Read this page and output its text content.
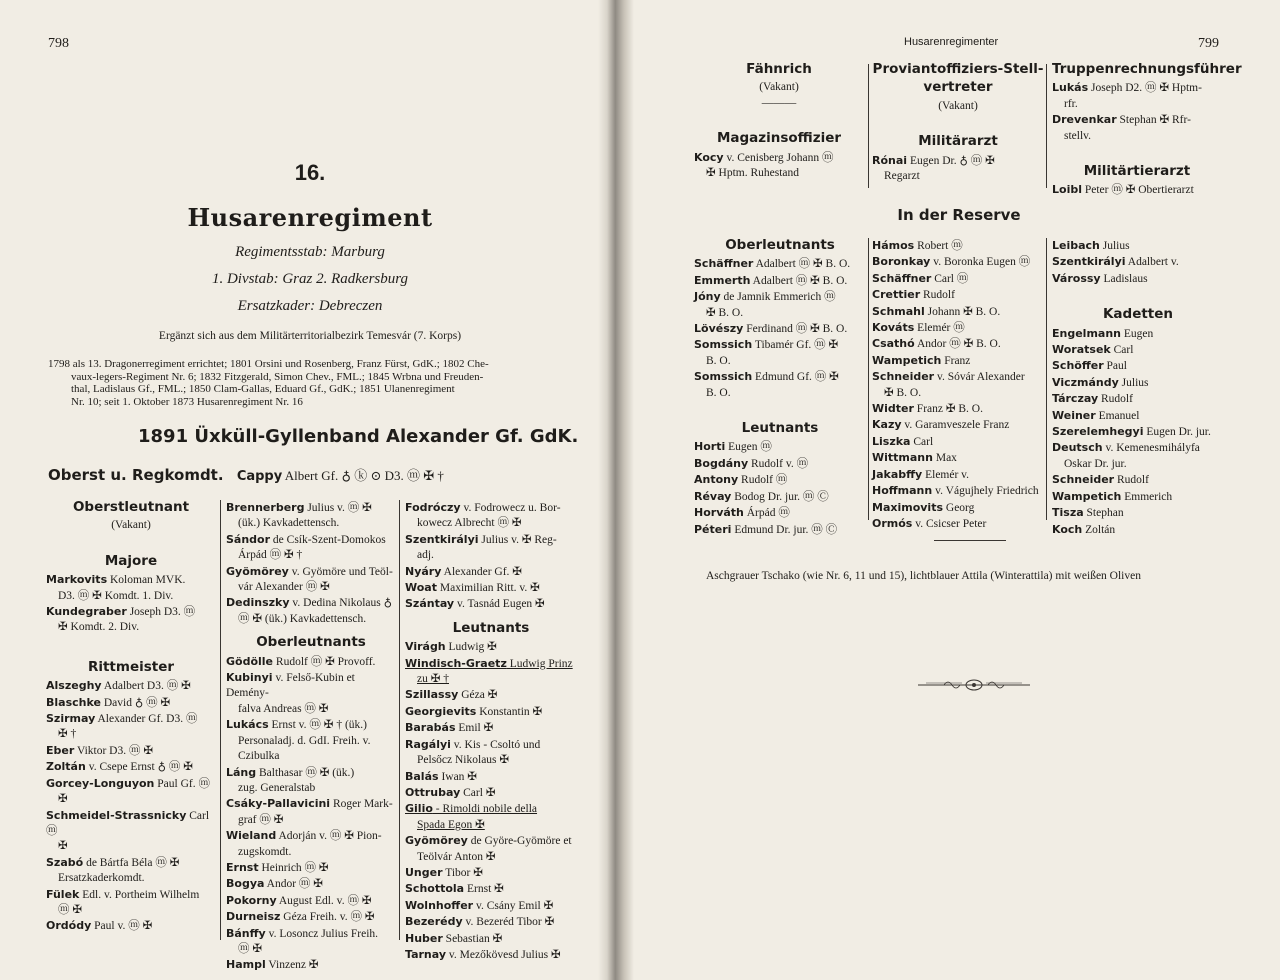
798
16.
Husarenregiment
Regimentsstab: Marburg
1. Divstab: Graz 2. Radkersburg
Ersatzkader: Debreczen
Ergänzt sich aus dem Militärterritorialbezirk Temesvár (7. Korps)
1798 als 13. Dragonerregiment errichtet; 1801 Orsini und Rosenberg, Franz Fürst, GdK.; 1802 Che-
vaux-legers-Regiment Nr. 6; 1832 Fitzgerald, Simon Chev., FML.; 1845 Wrbna und Freuden-
thal, Ladislaus Gf., FML.; 1850 Clam-Gallas, Eduard Gf., GdK.; 1851 Ulanenregiment
Nr. 10; seit 1. Oktober 1873 Husarenregiment Nr. 16
1891 Üxküll-Gyllenband Alexander Gf. GdK.
Oberst u. Regkomdt. Cappy Albert Gf. ♁ ⓚ ⊙ D3. ⓜ ✠ †
Oberstleutnant
(Vakant)
Majore
Markovits Koloman MVK.
D3. ⓜ ✠ Komdt. 1. Div.
Kundegraber Joseph D3. ⓜ
✠ Komdt. 2. Div.
Rittmeister
Alszeghy Adalbert D3. ⓜ ✠
Blaschke David ♁ ⓜ ✠
Szirmay Alexander Gf. D3. ⓜ
✠ †
Eber Viktor D3. ⓜ ✠
Zoltán v. Csepe Ernst ♁ ⓜ ✠
Gorcey-Longuyon Paul Gf. ⓜ
✠
Schmeidel-Strassnicky Carl ⓜ
✠
Szabó de Bártfa Béla ⓜ ✠
Ersatzkaderkomdt.
Fülek Edl. v. Portheim Wilhelm
ⓜ ✠
Ordódy Paul v. ⓜ ✠
Brennerberg Julius v. ⓜ ✠
(ük.) Kavkadettensch.
Sándor de Csík-Szent-Domokos
Árpád ⓜ ✠ †
Gyömörey v. Gyömöre und Teöl-
vár Alexander ⓜ ✠
Dedinszky v. Dedina Nikolaus ♁
ⓜ ✠ (ük.) Kavkadettensch.
Oberleutnants
Gödölle Rudolf ⓜ ✠ Provoff.
Kubinyi v. Felső-Kubin et Demény-
falva Andreas ⓜ ✠
Lukács Ernst v. ⓜ ✠ † (ük.)
Personaladj. d. GdI. Freih. v.
Czibulka
Láng Balthasar ⓜ ✠ (ük.)
zug. Generalstab
Csáky-Pallavicini Roger Mark-
graf ⓜ ✠
Wieland Adorján v. ⓜ ✠ Pion-
zugskomdt.
Ernst Heinrich ⓜ ✠
Bogya Andor ⓜ ✠
Pokorny August Edl. v. ⓜ ✠
Durneisz Géza Freih. v. ⓜ ✠
Bánffy v. Losoncz Julius Freih.
ⓜ ✠
Hampl Vinzenz ✠
Fodróczy v. Fodrowecz u. Bor-
kowecz Albrecht ⓜ ✠
Szentkirályi Julius v. ✠ Reg-
adj.
Nyáry Alexander Gf. ✠
Woat Maximilian Ritt. v. ✠
Szántay v. Tasnád Eugen ✠
Leutnants
Virágh Ludwig ✠
Windisch-Graetz Ludwig Prinz
zu ✠ †
Szillassy Géza ✠
Georgievits Konstantin ✠
Barabás Emil ✠
Ragályi v. Kis - Csoltó und
Pelsőcz Nikolaus ✠
Balás Iwan ✠
Ottrubay Carl ✠
Gilio - Rimoldi nobile della
Spada Egon ✠
Gyömörey de Györe-Gyömöre et
Teölvár Anton ✠
Unger Tibor ✠
Schottola Ernst ✠
Wolnhoffer v. Csány Emil ✠
Bezerédy v. Bezeréd Tibor ✠
Huber Sebastian ✠
Tarnay v. Mezőkövesd Julius ✠
Husarenregimenter	799
Fähnrich
(Vakant)
———
Magazinsoffizier
Kocy v. Cenisberg Johann ⓜ
✠ Hptm. Ruhestand
Proviantoffiziers-Stell-
vertreter
(Vakant)
Militärarzt
Rónai Eugen Dr. ♁ ⓜ ✠
Regarzt
Truppenrechnungsführer
Lukás Joseph D2. ⓜ ✠ Hptm-
rfr.
Drevenkar Stephan ✠ Rfr-
stellv.
Militärtierarzt
Loibl Peter ⓜ ✠ Obertierarzt
In der Reserve
Oberleutnants
Schäffner Adalbert ⓜ ✠ B. O.
Emmerth Adalbert ⓜ ✠ B. O.
Jóny de Jamnik Emmerich ⓜ
✠ B. O.
Lövészy Ferdinand ⓜ ✠ B. O.
Somssich Tibamér Gf. ⓜ ✠
B. O.
Somssich Edmund Gf. ⓜ ✠
B. O.
Leutnants
Horti Eugen ⓜ
Bogdány Rudolf v. ⓜ
Antony Rudolf ⓜ
Révay Bodog Dr. jur. ⓜ Ⓒ
Horváth Árpád ⓜ
Péteri Edmund Dr. jur. ⓜ Ⓒ
Hámos Robert ⓜ
Boronkay v. Boronka Eugen ⓜ
Schäffner Carl ⓜ
Crettier Rudolf
Schmahl Johann ✠ B. O.
Kováts Elemér ⓜ
Csathó Andor ⓜ ✠ B. O.
Wampetich Franz
Schneider v. Sóvár Alexander
✠ B. O.
Widter Franz ✠ B. O.
Kazy v. Garamveszele Franz
Liszka Carl
Wittmann Max
Jakabffy Elemér v.
Hoffmann v. Vágujhely Friedrich
Maximovits Georg
Ormós v. Csicser Peter
Leibach Julius
Szentkirályi Adalbert v.
Várossy Ladislaus
Kadetten
Engelmann Eugen
Woratsek Carl
Schöffer Paul
Viczmándy Julius
Tárczay Rudolf
Weiner Emanuel
Szerelemhegyi Eugen Dr. jur.
Deutsch v. Kemenesmihályfa
Oskar Dr. jur.
Schneider Rudolf
Wampetich Emmerich
Tisza Stephan
Koch Zoltán
Aschgrauer Tschako (wie Nr. 6, 11 und 15), lichtblauer Attila (Winterattila) mit weißen Oliven
